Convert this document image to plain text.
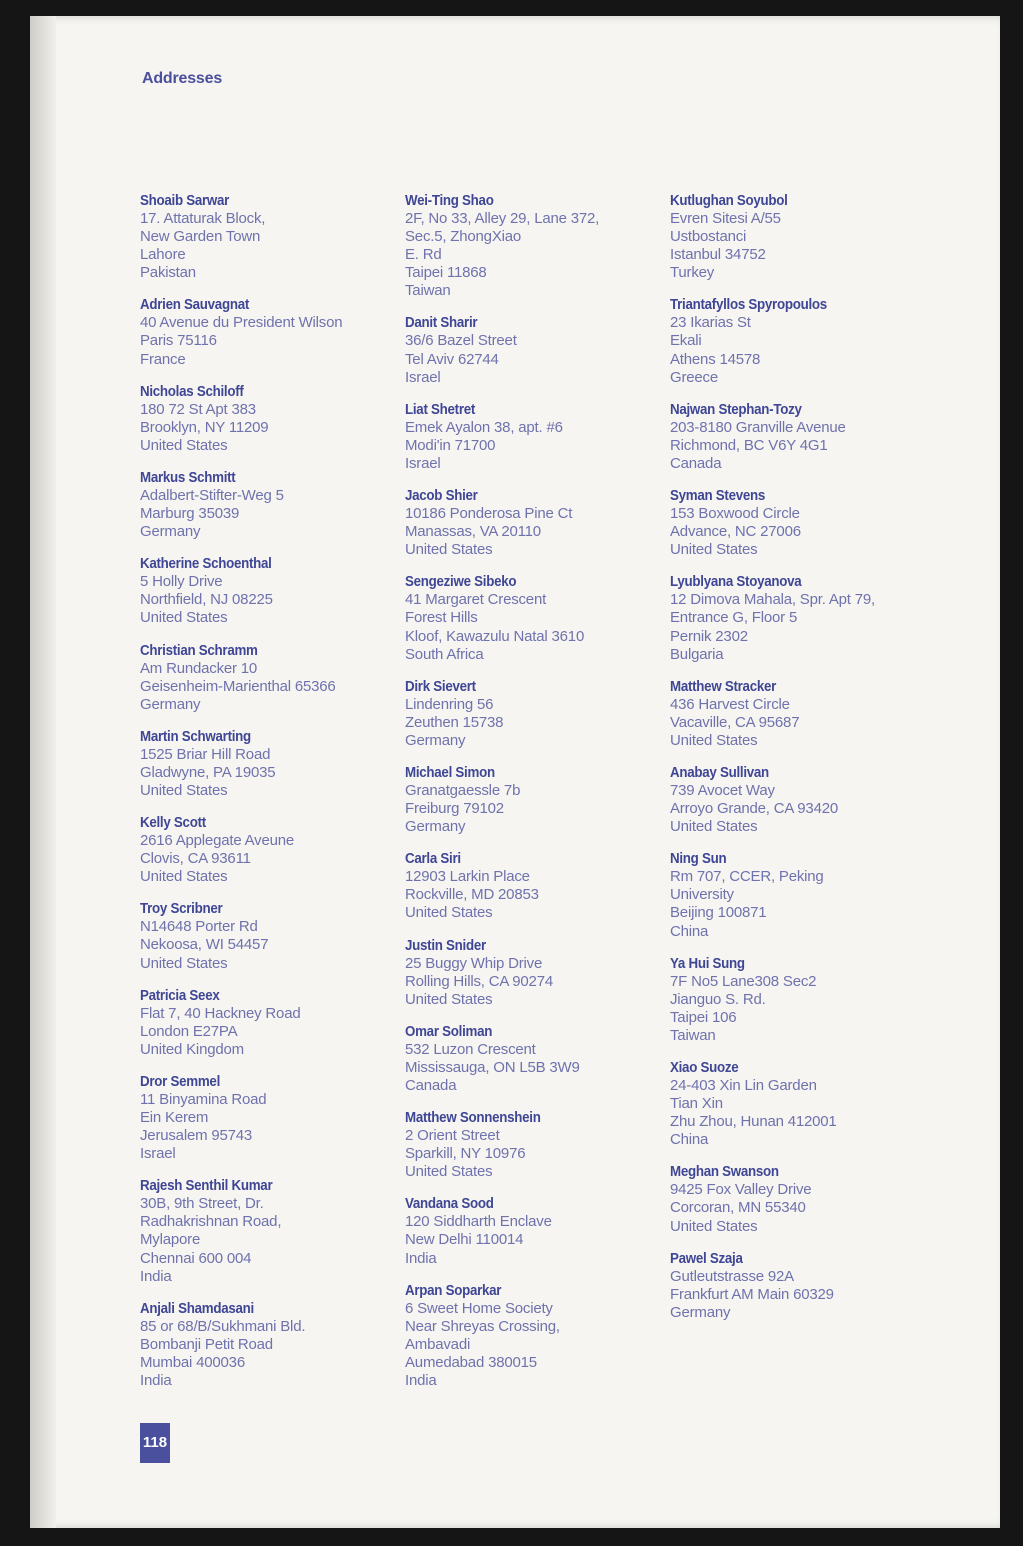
Addresses
Shoaib Sarwar
17. Attaturak Block,
New Garden Town
Lahore
Pakistan
Adrien Sauvagnat
40 Avenue du President Wilson
Paris 75116
France
Nicholas Schiloff
180 72 St Apt 383
Brooklyn, NY 11209
United States
Markus Schmitt
Adalbert-Stifter-Weg 5
Marburg 35039
Germany
Katherine Schoenthal
5 Holly Drive
Northfield, NJ 08225
United States
Christian Schramm
Am Rundacker 10
Geisenheim-Marienthal 65366
Germany
Martin Schwarting
1525 Briar Hill Road
Gladwyne, PA 19035
United States
Kelly Scott
2616 Applegate Aveune
Clovis, CA 93611
United States
Troy Scribner
N14648 Porter Rd
Nekoosa, WI 54457
United States
Patricia Seex
Flat 7, 40 Hackney Road
London E27PA
United Kingdom
Dror Semmel
11 Binyamina Road
Ein Kerem
Jerusalem 95743
Israel
Rajesh Senthil Kumar
30B, 9th Street, Dr.
Radhakrishnan Road,
Mylapore
Chennai 600 004
India
Anjali Shamdasani
85 or 68/B/Sukhmani Bld.
Bombanji Petit Road
Mumbai 400036
India
Wei-Ting Shao
2F, No 33, Alley 29, Lane 372,
Sec.5, ZhongXiao
E. Rd
Taipei 11868
Taiwan
Danit Sharir
36/6 Bazel Street
Tel Aviv 62744
Israel
Liat Shetret
Emek Ayalon 38, apt. #6
Modi'in 71700
Israel
Jacob Shier
10186 Ponderosa Pine Ct
Manassas, VA 20110
United States
Sengeziwe Sibeko
41 Margaret Crescent
Forest Hills
Kloof, Kawazulu Natal 3610
South Africa
Dirk Sievert
Lindenring 56
Zeuthen 15738
Germany
Michael Simon
Granatgaessle 7b
Freiburg 79102
Germany
Carla Siri
12903 Larkin Place
Rockville, MD 20853
United States
Justin Snider
25 Buggy Whip Drive
Rolling Hills, CA 90274
United States
Omar Soliman
532 Luzon Crescent
Mississauga, ON L5B 3W9
Canada
Matthew Sonnenshein
2 Orient Street
Sparkill, NY 10976
United States
Vandana Sood
120 Siddharth Enclave
New Delhi 110014
India
Arpan Soparkar
6 Sweet Home Society
Near Shreyas Crossing,
Ambavadi
Aumedabad 380015
India
Kutlughan Soyubol
Evren Sitesi A/55
Ustbostanci
Istanbul 34752
Turkey
Triantafyllos Spyropoulos
23 Ikarias St
Ekali
Athens 14578
Greece
Najwan Stephan-Tozy
203-8180 Granville Avenue
Richmond, BC V6Y 4G1
Canada
Syman Stevens
153 Boxwood Circle
Advance, NC 27006
United States
Lyublyana Stoyanova
12 Dimova Mahala, Spr. Apt 79,
Entrance G, Floor 5
Pernik 2302
Bulgaria
Matthew Stracker
436 Harvest Circle
Vacaville, CA 95687
United States
Anabay Sullivan
739 Avocet Way
Arroyo Grande, CA 93420
United States
Ning Sun
Rm 707, CCER, Peking
University
Beijing 100871
China
Ya Hui Sung
7F No5 Lane308 Sec2
Jianguo S. Rd.
Taipei 106
Taiwan
Xiao Suoze
24-403 Xin Lin Garden
Tian Xin
Zhu Zhou, Hunan 412001
China
Meghan Swanson
9425 Fox Valley Drive
Corcoran, MN 55340
United States
Pawel Szaja
Gutleutstrasse 92A
Frankfurt AM Main 60329
Germany
118
